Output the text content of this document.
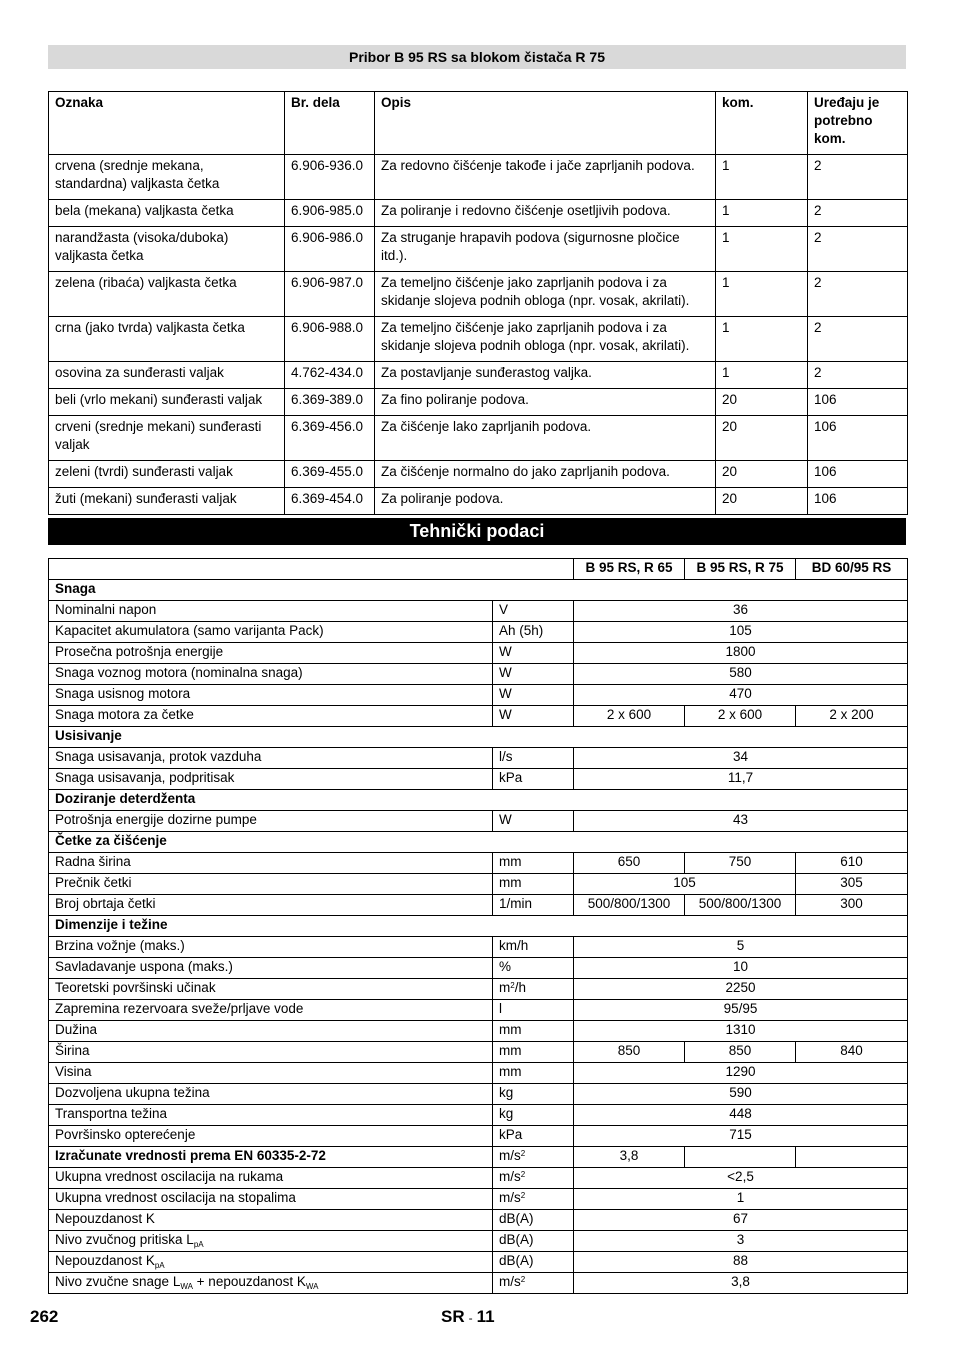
Pribor B 95 RS sa blokom čistača R 75
Oznaka	Br. dela	Opis	kom.	Uređaju je potrebno kom.
crvena (srednje mekana, standardna) valjkasta četka	6.906-936.0	Za redovno čišćenje takođe i jače zaprljanih podova.	1	2
bela (mekana) valjkasta četka	6.906-985.0	Za poliranje i redovno čišćenje osetljivih podova.	1	2
narandžasta (visoka/duboka) valjkasta četka	6.906-986.0	Za struganje hrapavih podova (sigurnosne pločice itd.).	1	2
zelena (ribaća) valjkasta četka	6.906-987.0	Za temeljno čišćenje jako zaprljanih podova i za skidanje slojeva podnih obloga (npr. vosak, akrilati).	1	2
crna (jako tvrda) valjkasta četka	6.906-988.0	Za temeljno čišćenje jako zaprljanih podova i za skidanje slojeva podnih obloga (npr. vosak, akrilati).	1	2
osovina za sunđerasti valjak	4.762-434.0	Za postavljanje sunđerastog valjka.	1	2
beli (vrlo mekani) sunđerasti valjak	6.369-389.0	Za fino poliranje podova.	20	106
crveni (srednje mekani) sunđerasti valjak	6.369-456.0	Za čišćenje lako zaprljanih podova.	20	106
zeleni (tvrdi) sunđerasti valjak	6.369-455.0	Za čišćenje normalno do jako zaprljanih podova.	20	106
žuti (mekani) sunđerasti valjak	6.369-454.0	Za poliranje podova.	20	106
Tehnički podaci
		B 95 RS, R 65	B 95 RS, R 75	BD 60/95 RS
Snaga				
Nominalni napon	V	36		
Kapacitet akumulatora (samo varijanta Pack)	Ah (5h)	105		
Prosečna potrošnja energije	W	1800		
Snaga voznog motora (nominalna snaga)	W	580		
Snaga usisnog motora	W	470		
Snaga motora za četke	W	2 x 600	2 x 600	2 x 200
Usisivanje				
Snaga usisavanja, protok vazduha	l/s	34		
Snaga usisavanja, podpritisak	kPa	11,7		
Doziranje deterdženta				
Potrošnja energije dozirne pumpe	W	43		
Četke za čišćenje				
Radna širina	mm	650	750	610
Prečnik četki	mm	105		305
Broj obrtaja četki	1/min	500/800/1300	500/800/1300	300
Dimenzije i težine				
Brzina vožnje (maks.)	km/h	5		
Savladavanje uspona (maks.)	%	10		
Teoretski površinski učinak	$m^2/h$	2250		
Zapremina rezervoara sveže/prljave vode	l	95/95		
Dužina	mm	1310		
Širina	mm	850	850	840
Visina	mm	1290		
Dozvoljena ukupna težina	kg	590		
Transportna težina	kg	448		
Površinsko opterećenje	kPa	715		
Izračunate vrednosti prema EN 60335-2-72	$m/s^2$	3,8		
Ukupna vrednost oscilacija na rukama	$m/s^2$	<2,5		
Ukupna vrednost oscilacija na stopalima	$m/s^2$	1		
Nepouzdanost K	dB(A)	67		
Nivo zvučnog pritiska $L_{pA}$	dB(A)	3		
Nepouzdanost $K_{pA}$	dB(A)	88		
Nivo zvučne snage $L_{WA}$ + nepouzdanost $K_{WA}$	$m/s^2$	3,8		
262	SR - 11
